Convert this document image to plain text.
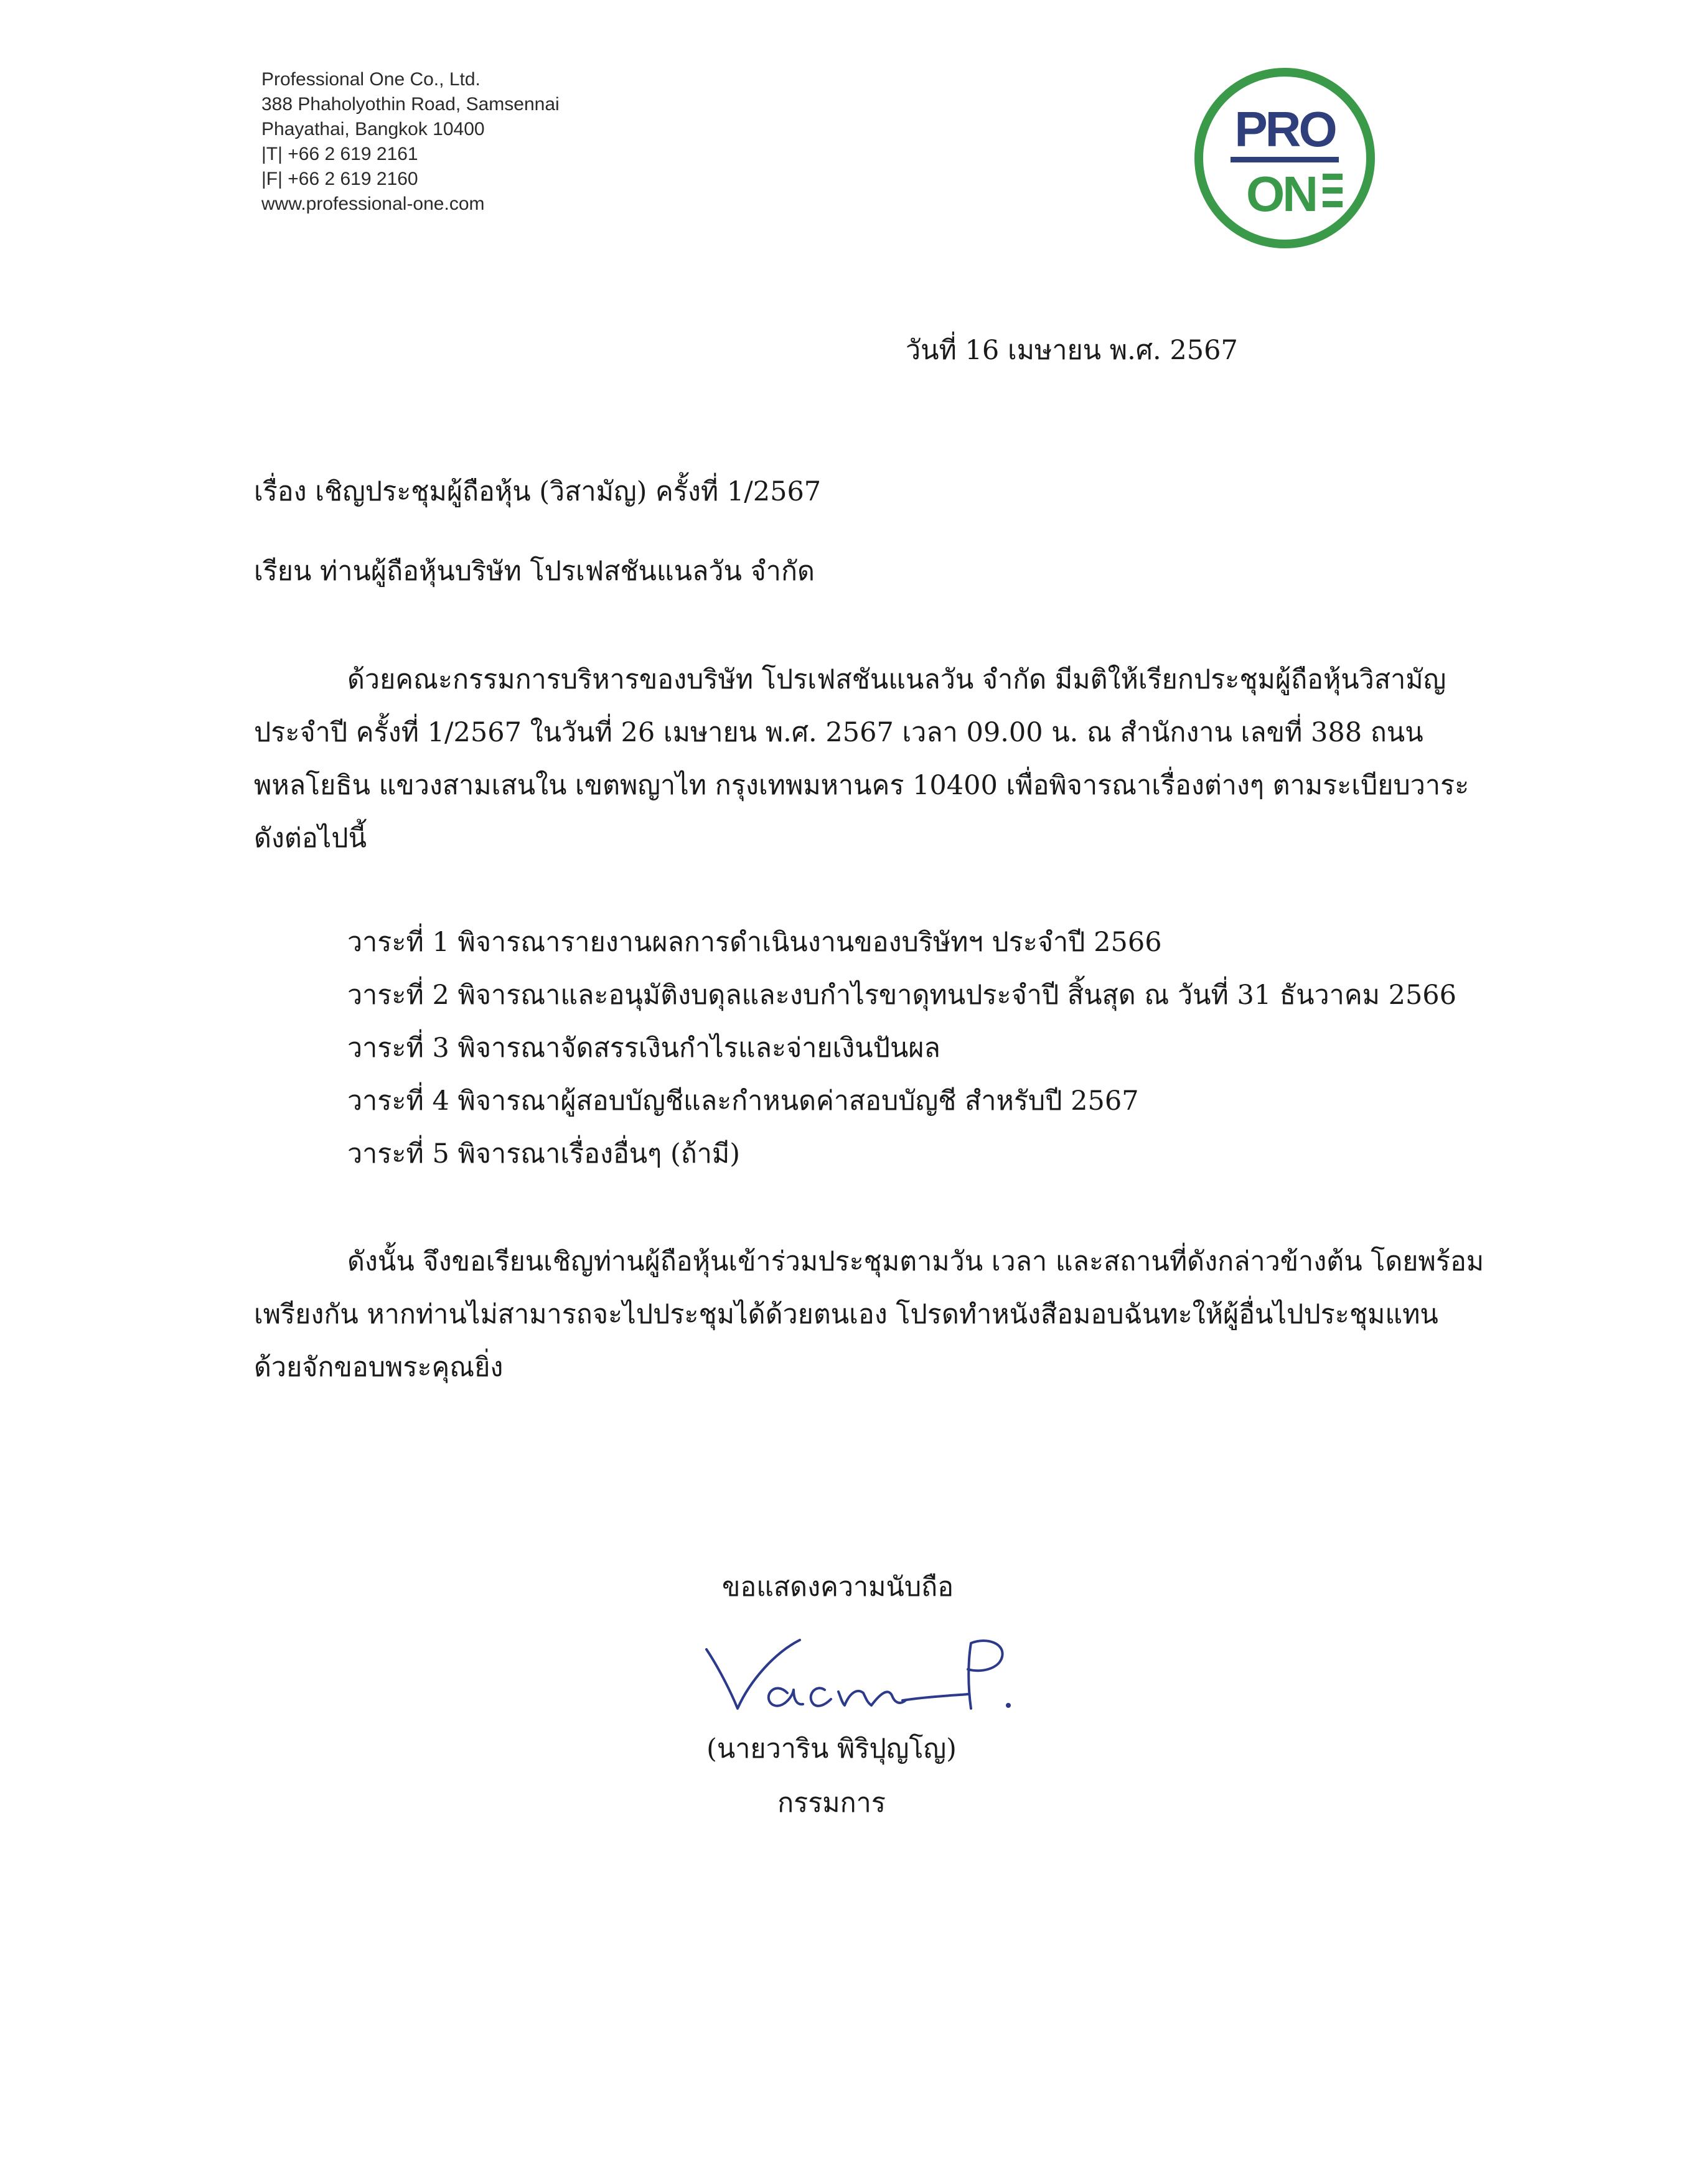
Professional One Co., Ltd.
388 Phaholyothin Road, Samsennai
Phayathai, Bangkok 10400
|T| +66 2 619 2161
|F| +66 2 619 2160
www.professional-one.com
PRO
ON
วันที่ 16 เมษายน พ.ศ. 2567
เรื่อง เชิญประชุมผู้ถือหุ้น (วิสามัญ) ครั้งที่ 1/2567
เรียน ท่านผู้ถือหุ้นบริษัท โปรเฟสชันแนลวัน จำกัด
ด้วยคณะกรรมการบริหารของบริษัท โปรเฟสชันแนลวัน จำกัด มีมติให้เรียกประชุมผู้ถือหุ้นวิสามัญ
ประจำปี ครั้งที่ 1/2567 ในวันที่ 26 เมษายน พ.ศ. 2567 เวลา 09.00 น. ณ สำนักงาน เลขที่ 388 ถนน
พหลโยธิน แขวงสามเสนใน เขตพญาไท กรุงเทพมหานคร 10400 เพื่อพิจารณาเรื่องต่างๆ ตามระเบียบวาระ
ดังต่อไปนี้
วาระที่ 1 พิจารณารายงานผลการดำเนินงานของบริษัทฯ ประจำปี 2566
วาระที่ 2 พิจารณาและอนุมัติงบดุลและงบกำไรขาดุทนประจำปี สิ้นสุด ณ วันที่ 31 ธันวาคม 2566
วาระที่ 3 พิจารณาจัดสรรเงินกำไรและจ่ายเงินปันผล
วาระที่ 4 พิจารณาผู้สอบบัญชีและกำหนดค่าสอบบัญชี สำหรับปี 2567
วาระที่ 5 พิจารณาเรื่องอื่นๆ (ถ้ามี)
ดังนั้น จึงขอเรียนเชิญท่านผู้ถือหุ้นเข้าร่วมประชุมตามวัน เวลา และสถานที่ดังกล่าวข้างต้น โดยพร้อม
เพรียงกัน หากท่านไม่สามารถจะไปประชุมได้ด้วยตนเอง โปรดทำหนังสือมอบฉันทะให้ผู้อื่นไปประชุมแทน
ด้วยจักขอบพระคุณยิ่ง
ขอแสดงความนับถือ
(นายวาริน พิริปุญโญ)
กรรมการ
